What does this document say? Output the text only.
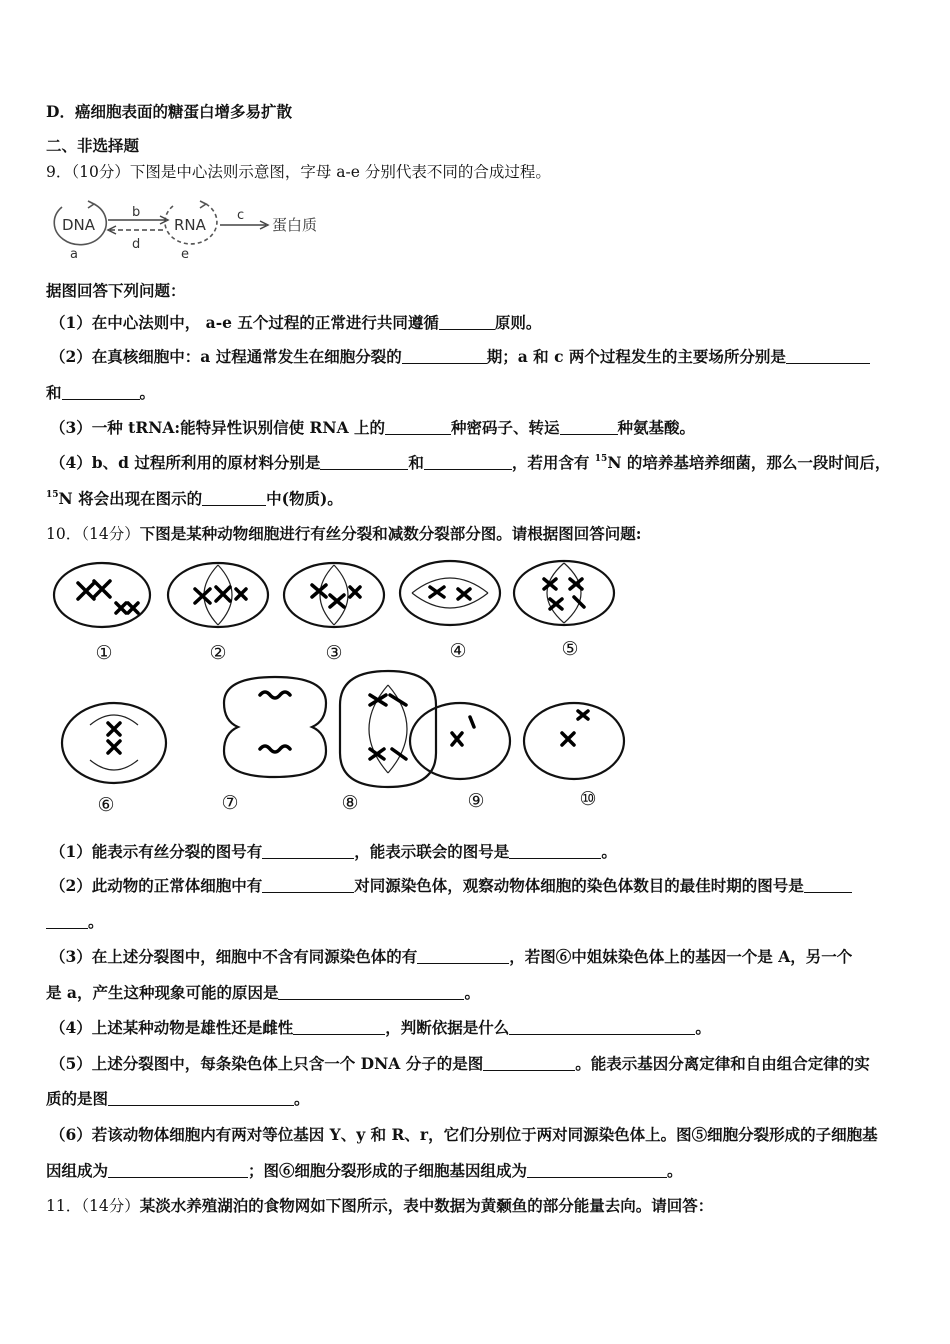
D．癌细胞表面的糖蛋白增多易扩散
二、非选择题
9．（10分）下图是中心法则示意图，字母 a-e 分别代表不同的合成过程。
DNA	RNA	蛋白质
b
d
c
a	e
据图回答下列问题：
（1）在中心法则中， a-e 五个过程的正常进行共同遵循	原则。
（2）在真核细胞中：a 过程通常发生在细胞分裂的	期；a 和 c 两个过程发生的主要场所分别是
和	。
（3）一种 tRNA:能特异性识别信使 RNA 上的	种密码子、转运	种氨基酸。
（4）b、d 过程所利用的原材料分别是	和	，若用含有 $^{15}$N 的培养基培养细菌，那么一段时间后，
$^{15}$N 将会出现在图示的	中(物质)。
10．（14分）下图是某种动物细胞进行有丝分裂和减数分裂部分图。请根据图回答问题:
①	②	③	④	⑤
⑥	⑦	⑧	⑨	⑩
（1）能表示有丝分裂的图号有	，能表示联会的图号是	。
（2）此动物的正常体细胞中有	对同源染色体，观察动物体细胞的染色体数目的最佳时期的图号是
。
（3）在上述分裂图中，细胞中不含有同源染色体的有	，若图⑥中姐妹染色体上的基因一个是 A，另一个
是 a，产生这种现象可能的原因是	。
（4）上述某种动物是雄性还是雌性	，判断依据是什么	。
（5）上述分裂图中，每条染色体上只含一个 DNA 分子的是图	。能表示基因分离定律和自由组合定律的实
质的是图	。
（6）若该动物体细胞内有两对等位基因 Y、y 和 R、r，它们分别位于两对同源染色体上。图⑤细胞分裂形成的子细胞基
因组成为	；图⑥细胞分裂形成的子细胞基因组成为	。
11．（14分）某淡水养殖湖泊的食物网如下图所示，表中数据为黄颡鱼的部分能量去向。请回答：
